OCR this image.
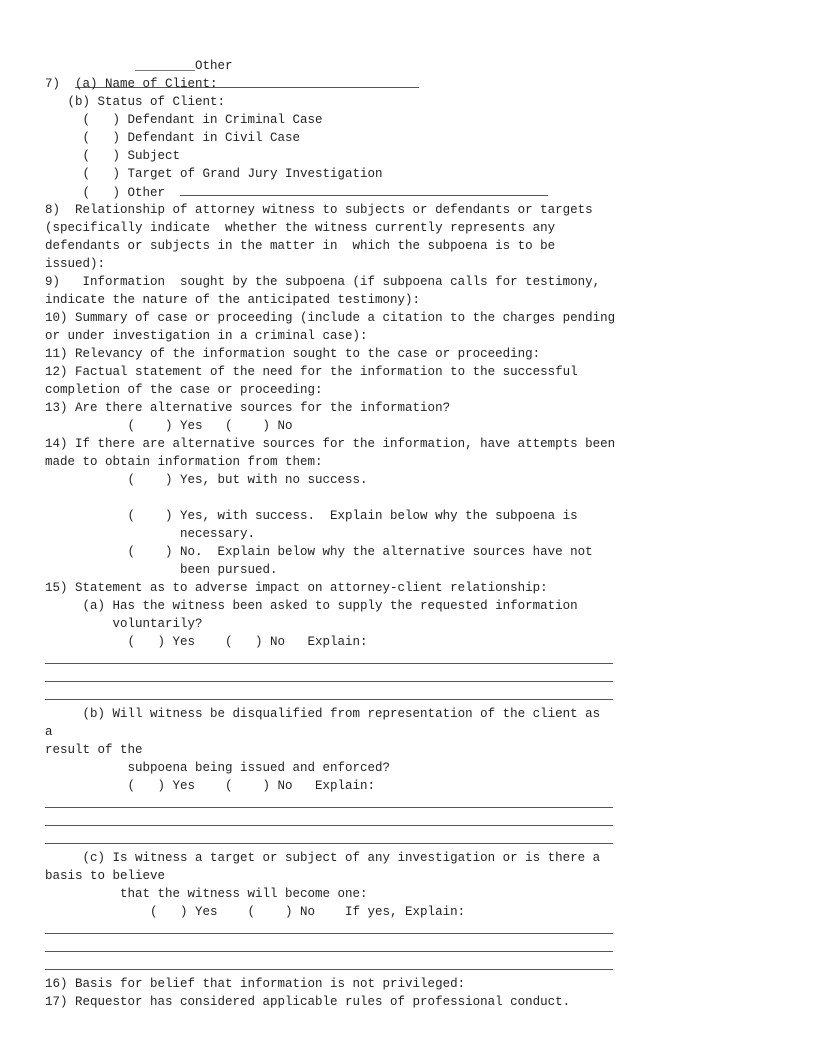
________Other

7)  (a) Name of Client:
(b) Status of Client:
(   ) Defendant in Criminal Case
(   ) Defendant in Civil Case
(   ) Subject
(   ) Target of Grand Jury Investigation
(   ) Other
8)  Relationship of attorney witness to subjects or defendants or targets
(specifically indicate  whether the witness currently represents any
defendants or subjects in the matter in  which the subpoena is to be
issued):
9)   Information  sought by the subpoena (if subpoena calls for testimony,
indicate the nature of the anticipated testimony):
10) Summary of case or proceeding (include a citation to the charges pending
or under investigation in a criminal case):
11) Relevancy of the information sought to the case or proceeding:
12) Factual statement of the need for the information to the successful
completion of the case or proceeding:
13) Are there alternative sources for the information?
(    ) Yes   (    ) No
14) If there are alternative sources for the information, have attempts been
made to obtain information from them:
(    ) Yes, but with no success.
(    ) Yes, with success.  Explain below why the subpoena is
necessary.
(    ) No.  Explain below why the alternative sources have not
been pursued.
15) Statement as to adverse impact on attorney-client relationship:
(a) Has the witness been asked to supply the requested information
voluntarily?
(   ) Yes    (   ) No   Explain:
(b) Will witness be disqualified from representation of the client as
a
result of the
subpoena being issued and enforced?
(   ) Yes    (    ) No   Explain:
(c) Is witness a target or subject of any investigation or is there a
basis to believe
that the witness will become one:
(   ) Yes    (    ) No    If yes, Explain:
16) Basis for belief that information is not privileged:
17) Requestor has considered applicable rules of professional conduct.
